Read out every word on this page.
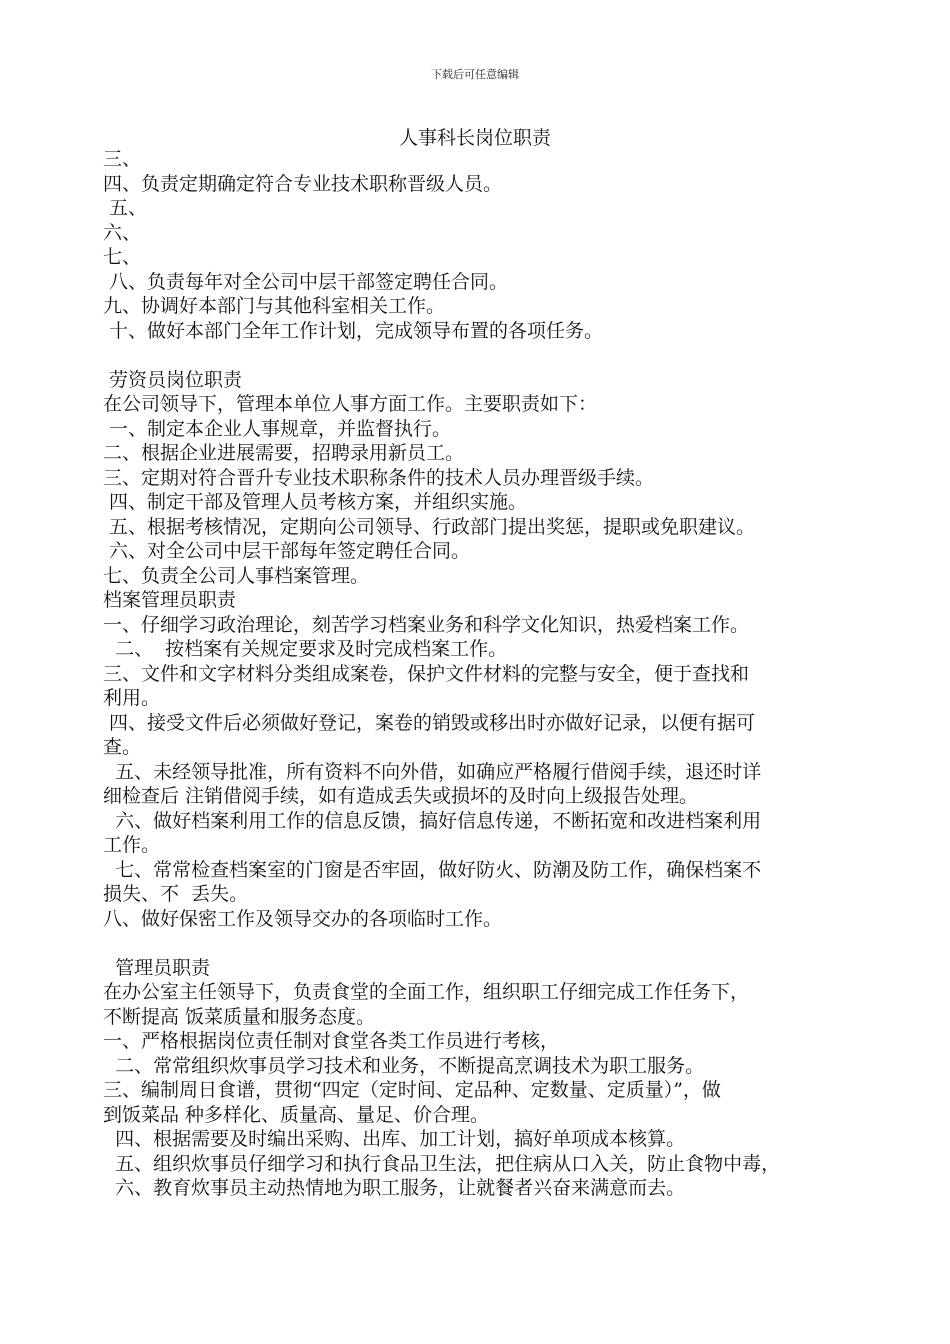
下载后可任意编辑
人事科长岗位职责
三、
四、负责定期确定符合专业技术职称晋级人员。
五、
六、
七、
八、负责每年对全公司中层干部签定聘任合同。
九、协调好本部门与其他科室相关工作。
十、做好本部门全年工作计划，完成领导布置的各项任务。
劳资员岗位职责
在公司领导下，管理本单位人事方面工作。主要职责如下：
一、制定本企业人事规章，并监督执行。
二、根据企业进展需要，招聘录用新员工。
三、定期对符合晋升专业技术职称条件的技术人员办理晋级手续。
四、制定干部及管理人员考核方案，并组织实施。
五、根据考核情况，定期向公司领导、行政部门提出奖惩，提职或免职建议。
六、对全公司中层干部每年签定聘任合同。
七、负责全公司人事档案管理。
档案管理员职责
一、仔细学习政治理论，刻苦学习档案业务和科学文化知识，热爱档案工作。
二、  按档案有关规定要求及时完成档案工作。
三、文件和文字材料分类组成案卷，保护文件材料的完整与安全，便于查找和
利用。
四、接受文件后必须做好登记，案卷的销毁或移出时亦做好记录，以便有据可
查。
五、未经领导批准，所有资料不向外借，如确应严格履行借阅手续，退还时详
细检查后 注销借阅手续，如有造成丢失或损坏的及时向上级报告处理。
六、做好档案利用工作的信息反馈，搞好信息传递，不断拓宽和改进档案利用
工作。
七、常常检查档案室的门窗是否牢固，做好防火、防潮及防工作，确保档案不
损失、不  丢失。
八、做好保密工作及领导交办的各项临时工作。
管理员职责
在办公室主任领导下，负责食堂的全面工作，组织职工仔细完成工作任务下，
不断提高 饭菜质量和服务态度。
一、严格根据岗位责任制对食堂各类工作员进行考核，
二、常常组织炊事员学习技术和业务，不断提高烹调技术为职工服务。
三、编制周日食谱，贯彻“四定（定时间、定品种、定数量、定质量）”，做
到饭菜品 种多样化、质量高、量足、价合理。
四、根据需要及时编出采购、出库、加工计划，搞好单项成本核算。
五、组织炊事员仔细学习和执行食品卫生法，把住病从口入关，防止食物中毒，
六、教育炊事员主动热情地为职工服务，让就餐者兴奋来满意而去。
